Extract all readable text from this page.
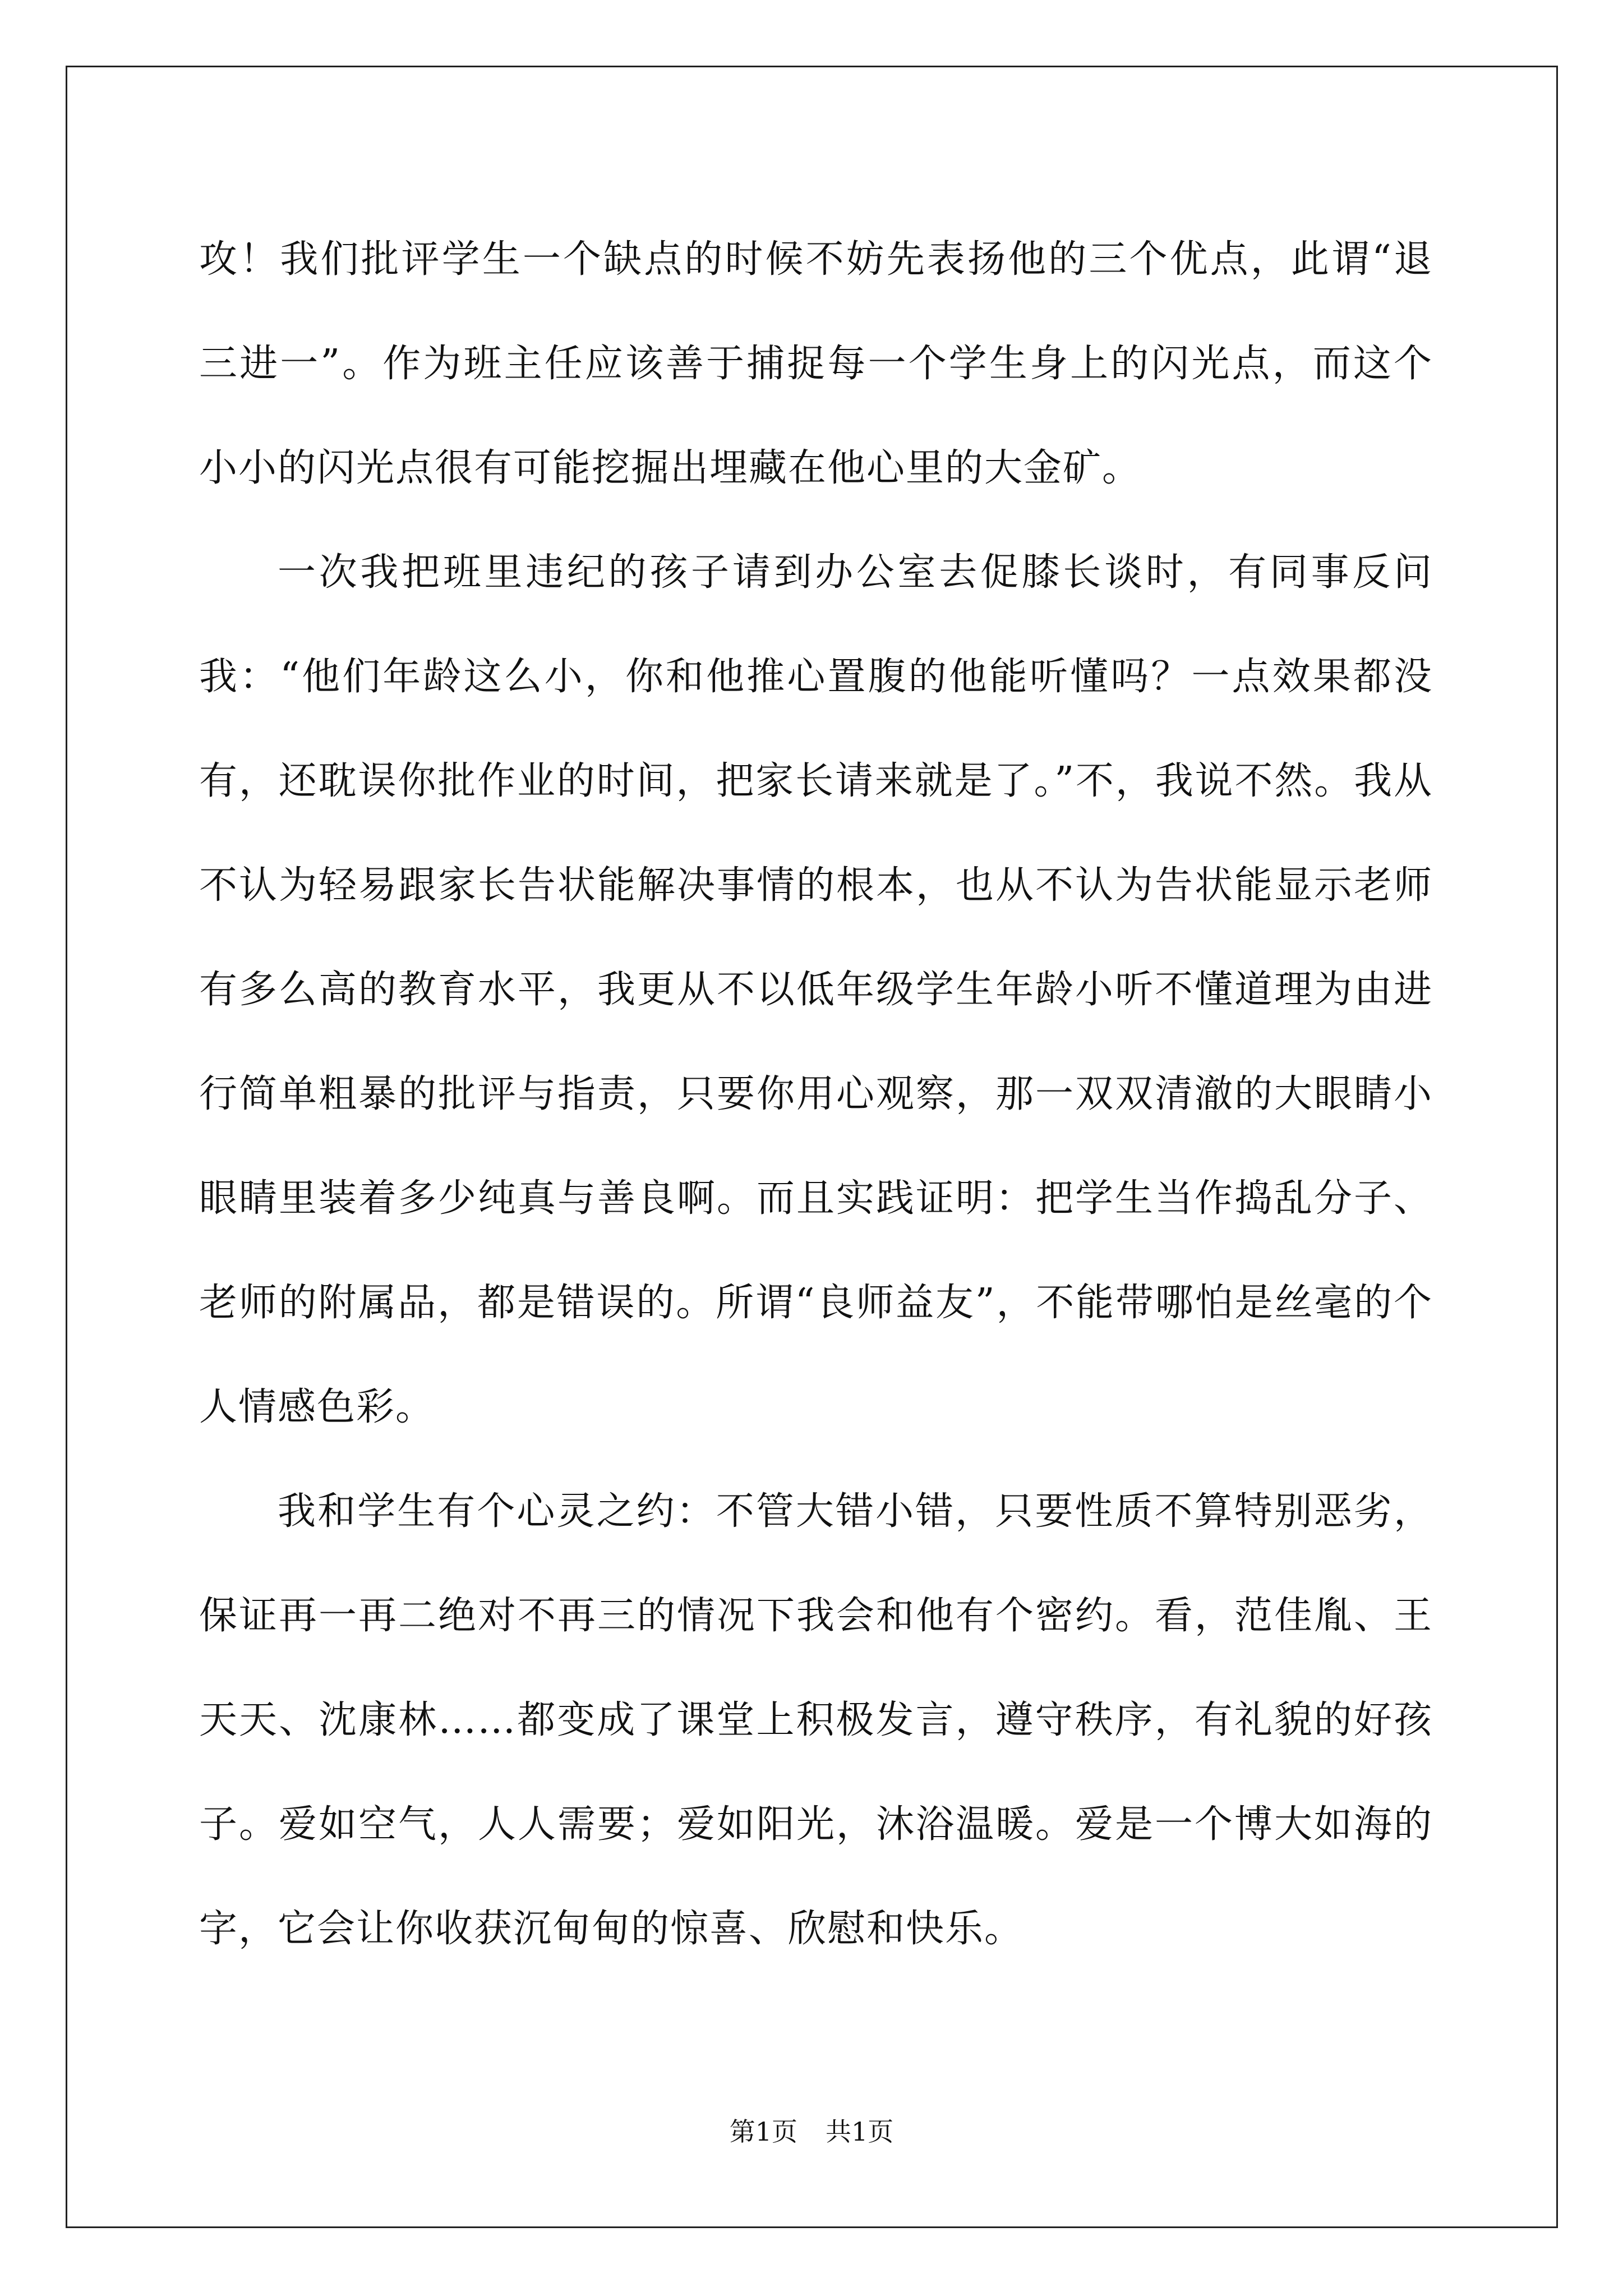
攻！我们批评学生一个缺点的时候不妨先表扬他的三个优点，此谓“退三进一”。作为班主任应该善于捕捉每一个学生身上的闪光点，而这个小小的闪光点很有可能挖掘出埋藏在他心里的大金矿。

一次我把班里违纪的孩子请到办公室去促膝长谈时，有同事反问我：“他们年龄这么小，你和他推心置腹的他能听懂吗？一点效果都没有，还耽误你批作业的时间，把家长请来就是了。”不，我说不然。我从不认为轻易跟家长告状能解决事情的根本，也从不认为告状能显示老师有多么高的教育水平，我更从不以低年级学生年龄小听不懂道理为由进行简单粗暴的批评与指责，只要你用心观察，那一双双清澈的大眼睛小眼睛里装着多少纯真与善良啊。而且实践证明：把学生当作捣乱分子、老师的附属品，都是错误的。所谓“良师益友”，不能带哪怕是丝毫的个人情感色彩。

我和学生有个心灵之约：不管大错小错，只要性质不算特别恶劣，保证再一再二绝对不再三的情况下我会和他有个密约。看，范佳胤、王天天、沈康林……都变成了课堂上积极发言，遵守秩序，有礼貌的好孩子。爱如空气，人人需要；爱如阳光，沐浴温暖。爱是一个博大如海的字，它会让你收获沉甸甸的惊喜、欣慰和快乐。

第1页 共1页
